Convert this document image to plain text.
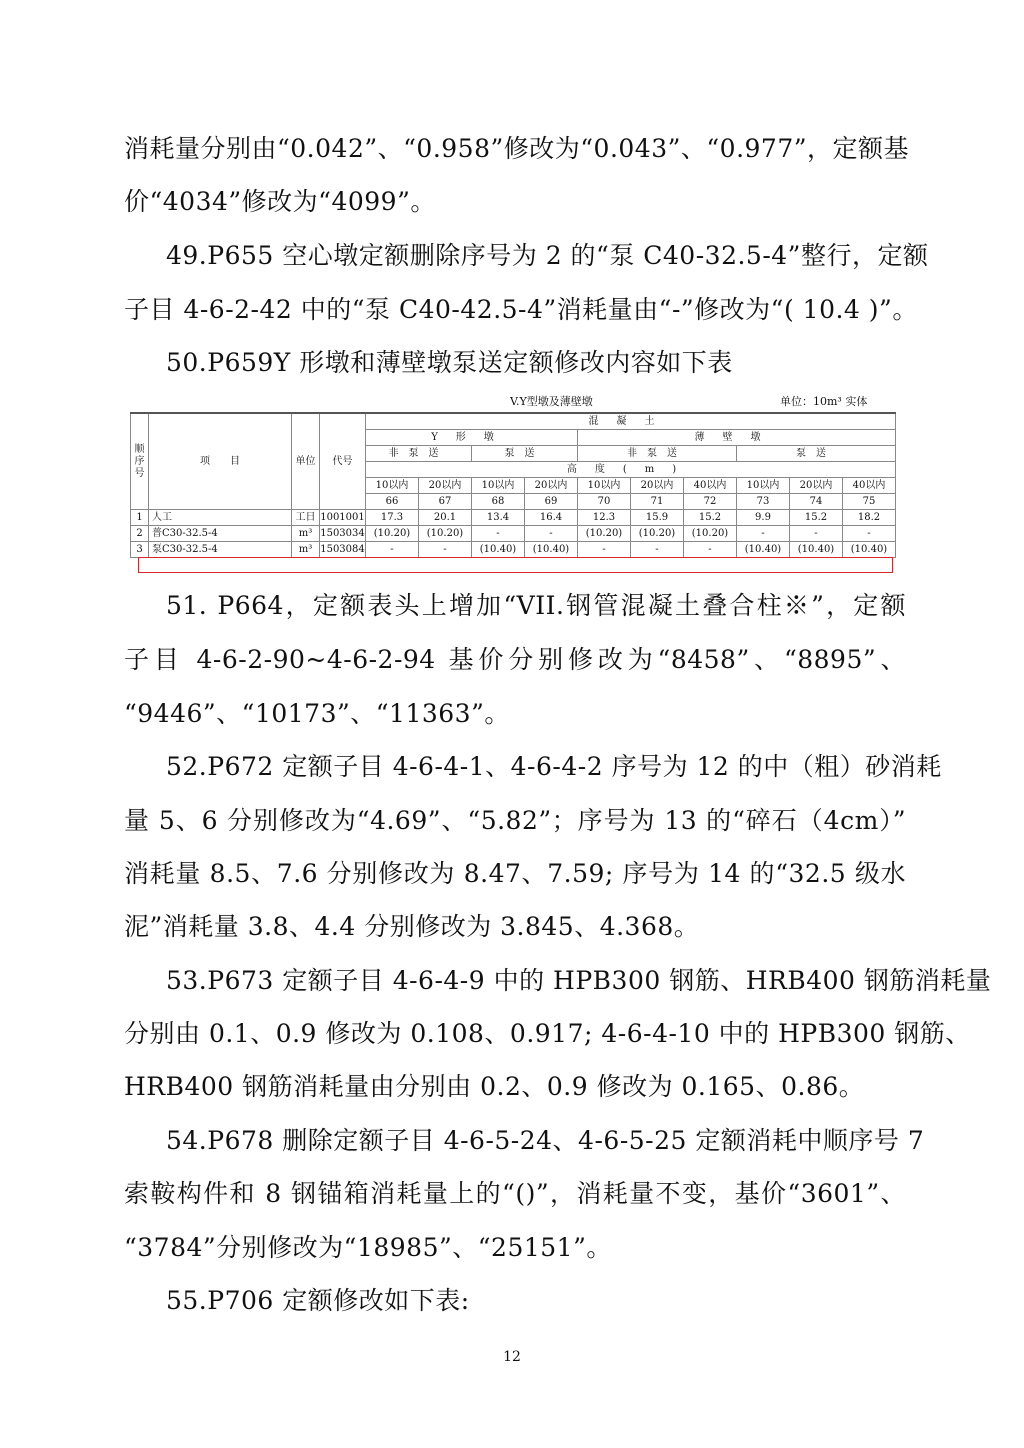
消耗量分别由“0.042”、“0.958”修改为“0.043”、“0.977”，定额基
价“4034”修改为“4099”。
49.P655 空心墩定额删除序号为 2 的“泵 C40-32.5-4”整行，定额
子目 4-6-2-42 中的“泵 C40-42.5-4”消耗量由“-”修改为“( 10.4 )”。
50.P659Y 形墩和薄壁墩泵送定额修改内容如下表
V.Y型墩及薄壁墩	单位：10m³ 实体
顺序号	项　　目	单位	代号	混凝土									
				Y形墩				薄壁墩					
				非泵送		泵送		非泵送			泵送		
				高度(m)									
				10以内	20以内	10以内	20以内	10以内	20以内	40以内	10以内	20以内	40以内
				66	67	68	69	70	71	72	73	74	75
1	人工	工日	1001001	17.3	20.1	13.4	16.4	12.3	15.9	15.2	9.9	15.2	18.2
2	普C30-32.5-4	m³	1503034	(10.20)	(10.20)	-	-	(10.20)	(10.20)	(10.20)	-	-	-
3	泵C30-32.5-4	m³	1503084	-	-	(10.40)	(10.40)	-	-	-	(10.40)	(10.40)	(10.40)
51. P664，定额表头上增加“VII.钢管混凝土叠合柱※”，定额
子目 4-6-2-90~4-6-2-94 基价分别修改为“8458”、“8895”、
“9446”、“10173”、“11363”。
52.P672 定额子目 4-6-4-1、4-6-4-2 序号为 12 的中（粗）砂消耗
量 5、6 分别修改为“4.69”、“5.82”；序号为 13 的“碎石（4cm）”
消耗量 8.5、7.6 分别修改为 8.47、7.59; 序号为 14 的“32.5 级水
泥”消耗量 3.8、4.4 分别修改为 3.845、4.368。
53.P673 定额子目 4-6-4-9 中的 HPB300 钢筋、HRB400 钢筋消耗量
分别由 0.1、0.9 修改为 0.108、0.917; 4-6-4-10 中的 HPB300 钢筋、
HRB400 钢筋消耗量由分别由 0.2、0.9 修改为 0.165、0.86。
54.P678 删除定额子目 4-6-5-24、4-6-5-25 定额消耗中顺序号 7
索鞍构件和 8 钢锚箱消耗量上的“()”，消耗量不变，基价“3601”、
“3784”分别修改为“18985”、“25151”。
55.P706 定额修改如下表:
12
